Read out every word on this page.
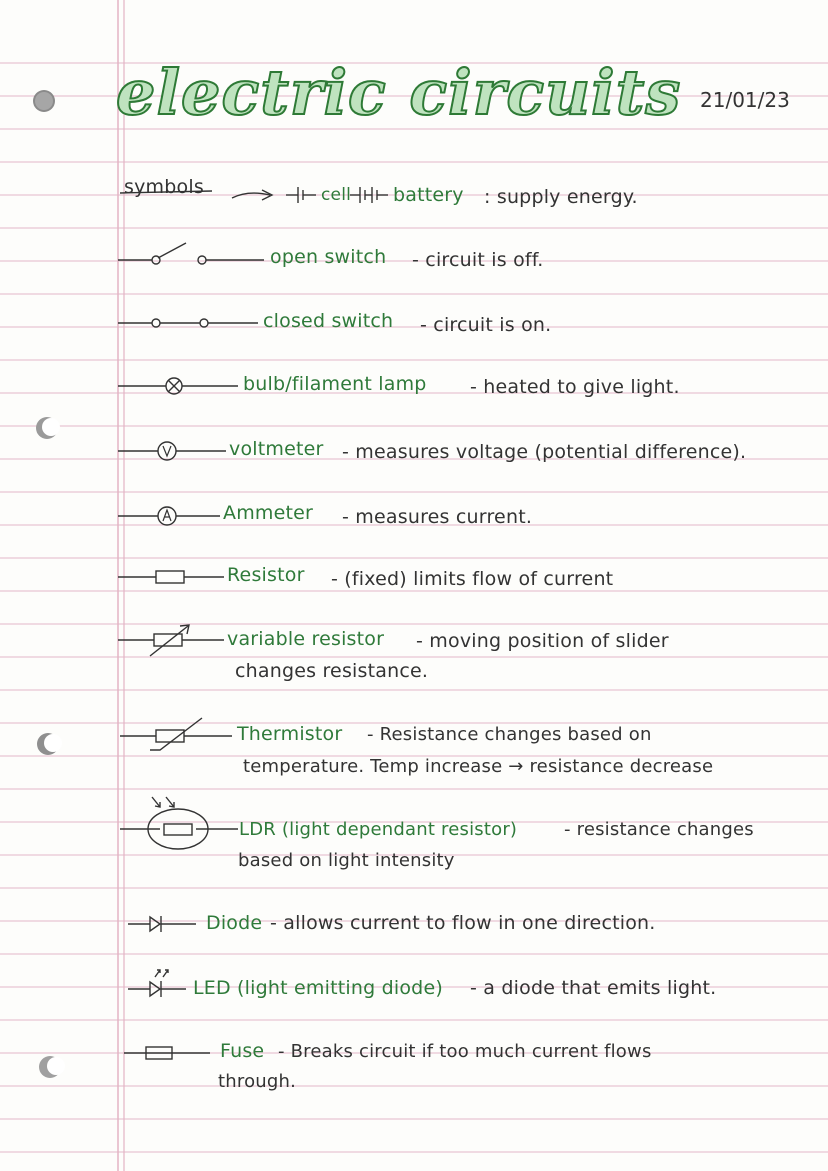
electric circuits 21/01/23
symbols	cell battery : supply energy.
open switch - circuit is off.
closed switch - circuit is on.
bulb/filament lamp - heated to give light.
voltmeter - measures voltage (potential difference).
Ammeter - measures current.
Resistor - (fixed) limits flow of current
variable resistor - moving position of slider
changes resistance.
Thermistor - Resistance changes based on
temperature. Temp increase → resistance decrease
LDR (light dependant resistor)	- resistance changes
based on light intensity
Diode - allows current to flow in one direction.
LED (light emitting diode) - a diode that emits light.
Fuse - Breaks circuit if too much current flows
through.
